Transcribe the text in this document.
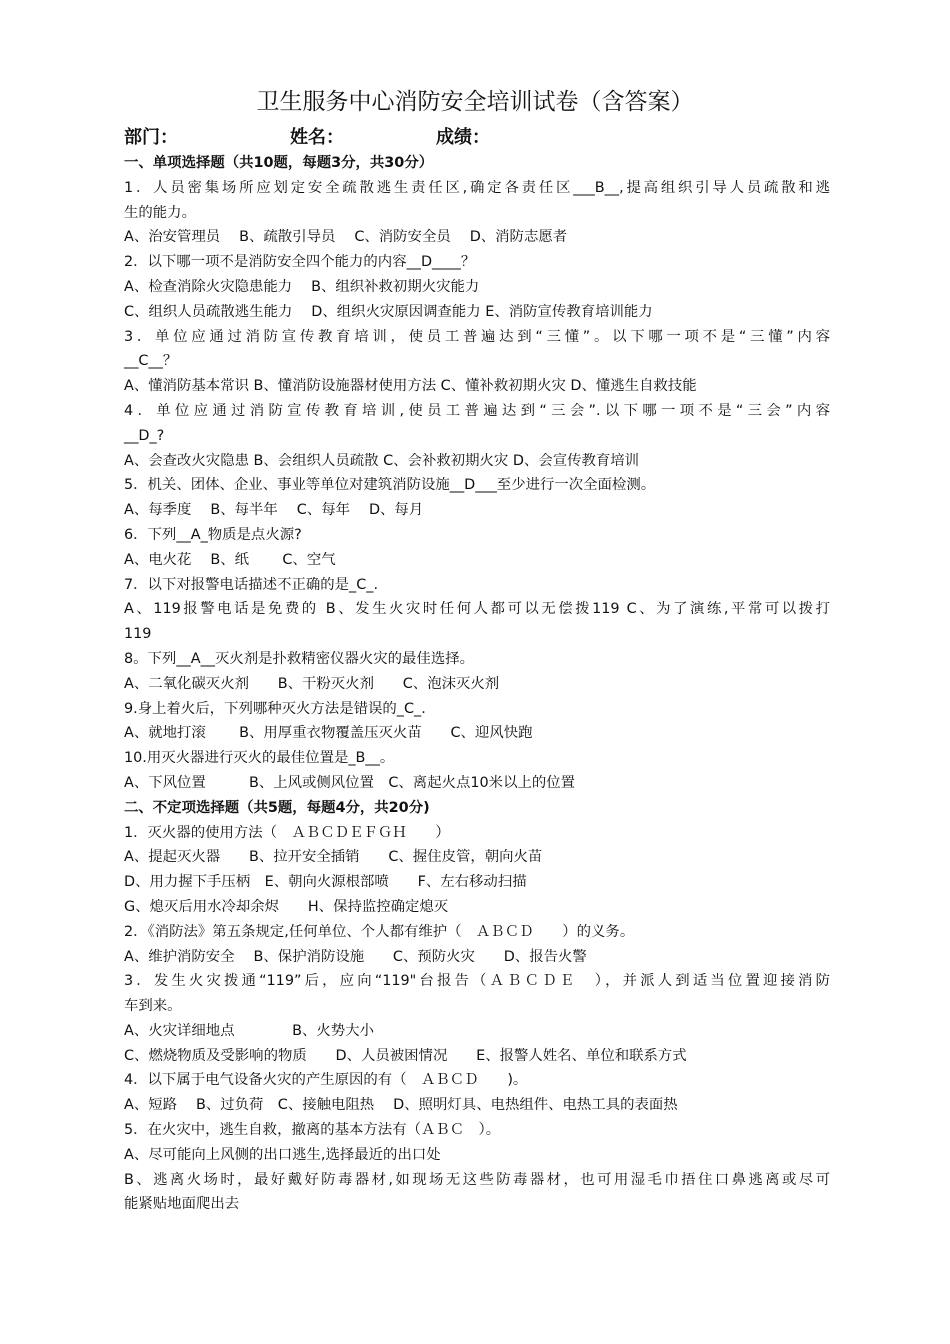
卫生服务中心消防安全培训试卷（含答案）
部门：	姓名：	成绩：
一、单项选择题（共10题，每题3分，共30分）
1．人员密集场所应划定安全疏散逃生责任区,确定各责任区___B__,提高组织引导人员疏散和逃
生的能力。
A、治安管理员　 B、疏散引导员　 C、消防安全员　 D、消防志愿者
2．以下哪一项不是消防安全四个能力的内容__D____？
A、检查消除火灾隐患能力　 B、组织补救初期火灾能力
C、组织人员疏散逃生能力　 D、组织火灾原因调查能力 E、消防宣传教育培训能力
3．单位应通过消防宣传教育培训，使员工普遍达到“三懂”。以下哪一项不是“三懂”内容
__C__？
A、懂消防基本常识 B、懂消防设施器材使用方法 C、懂补救初期火灾 D、懂逃生自救技能
4．单位应通过消防宣传教育培训,使员工普遍达到“三会”.以下哪一项不是“三会”内容
__D_?
A、会查改火灾隐患 B、会组织人员疏散 C、会补救初期火灾 D、会宣传教育培训
5．机关、团体、企业、事业等单位对建筑消防设施__D___至少进行一次全面检测。
A、每季度　 B、每半年　 C、每年　 D、每月
6．下列__A_物质是点火源?
A、电火花　 B、纸　　 C、空气
7．以下对报警电话描述不正确的是_C_.
A、119报警电话是免费的 B、发生火灾时任何人都可以无偿拨119 C、为了演练,平常可以拨打
119
8。下列__A__灭火剂是扑救精密仪器火灾的最佳选择。
A、二氧化碳灭火剂　　B、干粉灭火剂　　C、泡沫灭火剂
9.身上着火后，下列哪种灭火方法是错误的_C_.
A、就地打滚　　 B、用厚重衣物覆盖压灭火苗　　C、迎风快跑
10.用灭火器进行灭火的最佳位置是_B__。
A、下风位置　　　B、上风或侧风位置　C、离起火点10米以上的位置
二、不定项选择题（共5题，每题4分，共20分)
1．灭火器的使用方法（　ＡＢＣＤＥＦＧＨ　　）
A、提起灭火器　　B、拉开安全插销　　C、握住皮管，朝向火苗
D、用力握下手压柄　E、朝向火源根部喷　　F、左右移动扫描
G、熄灭后用水冷却余烬　　H、保持监控确定熄灭
2．《消防法》第五条规定,任何单位、个人都有维护（　ＡＢＣＤ　　）的义务。
A、维护消防安全　 B、保护消防设施　　C、预防火灾　　D、报告火警
3．发生火灾拨通“119”后，应向“119"台报告（ＡＢＣＤＥ　），并派人到适当位置迎接消防
车到来。
A、火灾详细地点　　　　B、火势大小
C、燃烧物质及受影响的物质　　D、人员被困情况　　E、报警人姓名、单位和联系方式
4．以下属于电气设备火灾的产生原因的有（　ＡＢＣＤ　　)。
A、短路　 B、过负荷　C、接触电阻热　 D、照明灯具、电热组件、电热工具的表面热
5．在火灾中，逃生自救，撤离的基本方法有（ＡＢＣ　）。
A、尽可能向上风侧的出口逃生,选择最近的出口处
B、逃离火场时，最好戴好防毒器材,如现场无这些防毒器材，也可用湿毛巾捂住口鼻逃离或尽可
能紧贴地面爬出去
